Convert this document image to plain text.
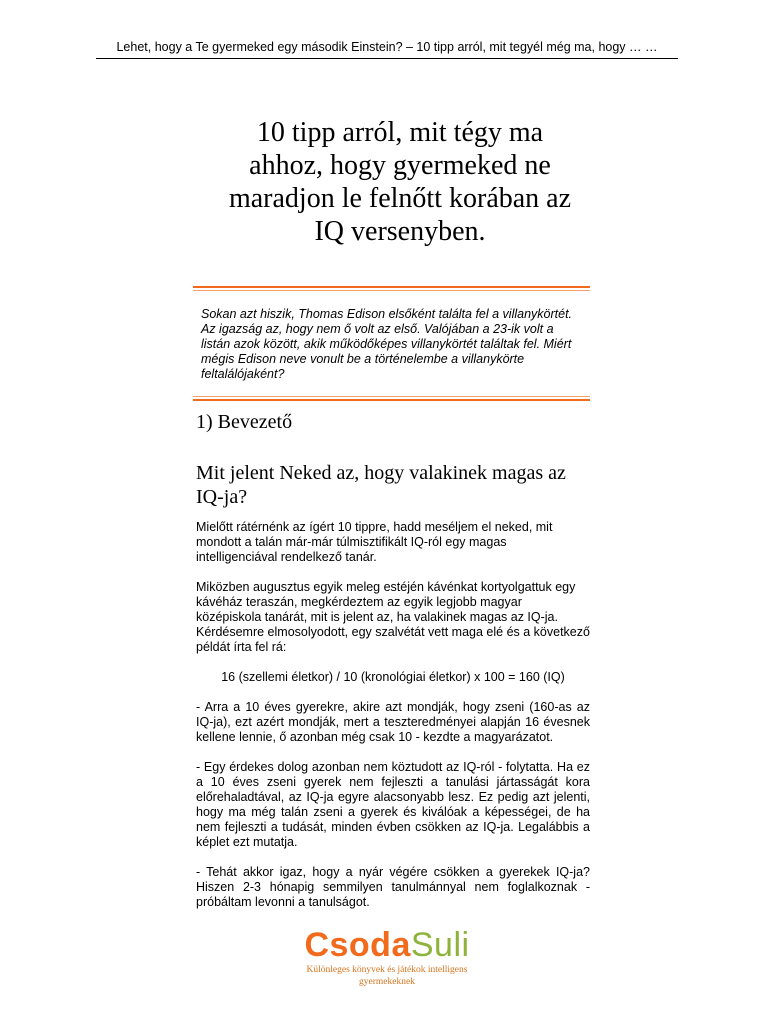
Lehet, hogy a Te gyermeked egy második Einstein? – 10 tipp arról, mit tegyél még ma, hogy … …
10 tipp arról, mit tégy ma
ahhoz, hogy gyermeked ne
maradjon le felnőtt korában az
IQ versenyben.
Sokan azt hiszik, Thomas Edison elsőként találta fel a villanykörtét. Az igazság az, hogy nem ő volt az első. Valójában a 23-ik volt a listán azok között, akik működőképes villanykörtét találtak fel. Miért mégis Edison neve vonult be a történelembe a villanykörte feltalálójaként?
1) Bevezető
Mit jelent Neked az, hogy valakinek magas az IQ-ja?

Mielőtt rátérnénk az ígért 10 tippre, hadd meséljem el neked, mit mondott a talán már-már túlmisztifikált IQ-ról egy magas intelligenciával rendelkező tanár.

Miközben augusztus egyik meleg estéjén kávénkat kortyolgattuk egy kávéház teraszán, megkérdeztem az egyik legjobb magyar középiskola tanárát, mit is jelent az, ha valakinek magas az IQ-ja. Kérdésemre elmosolyodott, egy szalvétát vett maga elé és a következő példát írta fel rá:

16 (szellemi életkor) / 10 (kronológiai életkor) x 100 = 160 (IQ)

- Arra a 10 éves gyerekre, akire azt mondják, hogy zseni (160-as az IQ-ja), ezt azért mondják, mert a teszteredményei alapján 16 évesnek kellene lennie, ő azonban még csak 10 - kezdte a magyarázatot.

- Egy érdekes dolog azonban nem köztudott az IQ-ról - folytatta. Ha ez a 10 éves zseni gyerek nem fejleszti a tanulási jártasságát kora előrehaladtával, az IQ-ja egyre alacsonyabb lesz. Ez pedig azt jelenti, hogy ma még talán zseni a gyerek és kiválóak a képességei, de ha nem fejleszti a tudását, minden évben csökken az IQ-ja. Legalábbis a képlet ezt mutatja.

- Tehát akkor igaz, hogy a nyár végére csökken a gyerekek IQ-ja? Hiszen 2-3 hónapig semmilyen tanulmánnyal nem foglalkoznak - próbáltam levonni a tanulságot.

CsodaSuli
Különleges könyvek és játékok intelligens gyermekeknek
